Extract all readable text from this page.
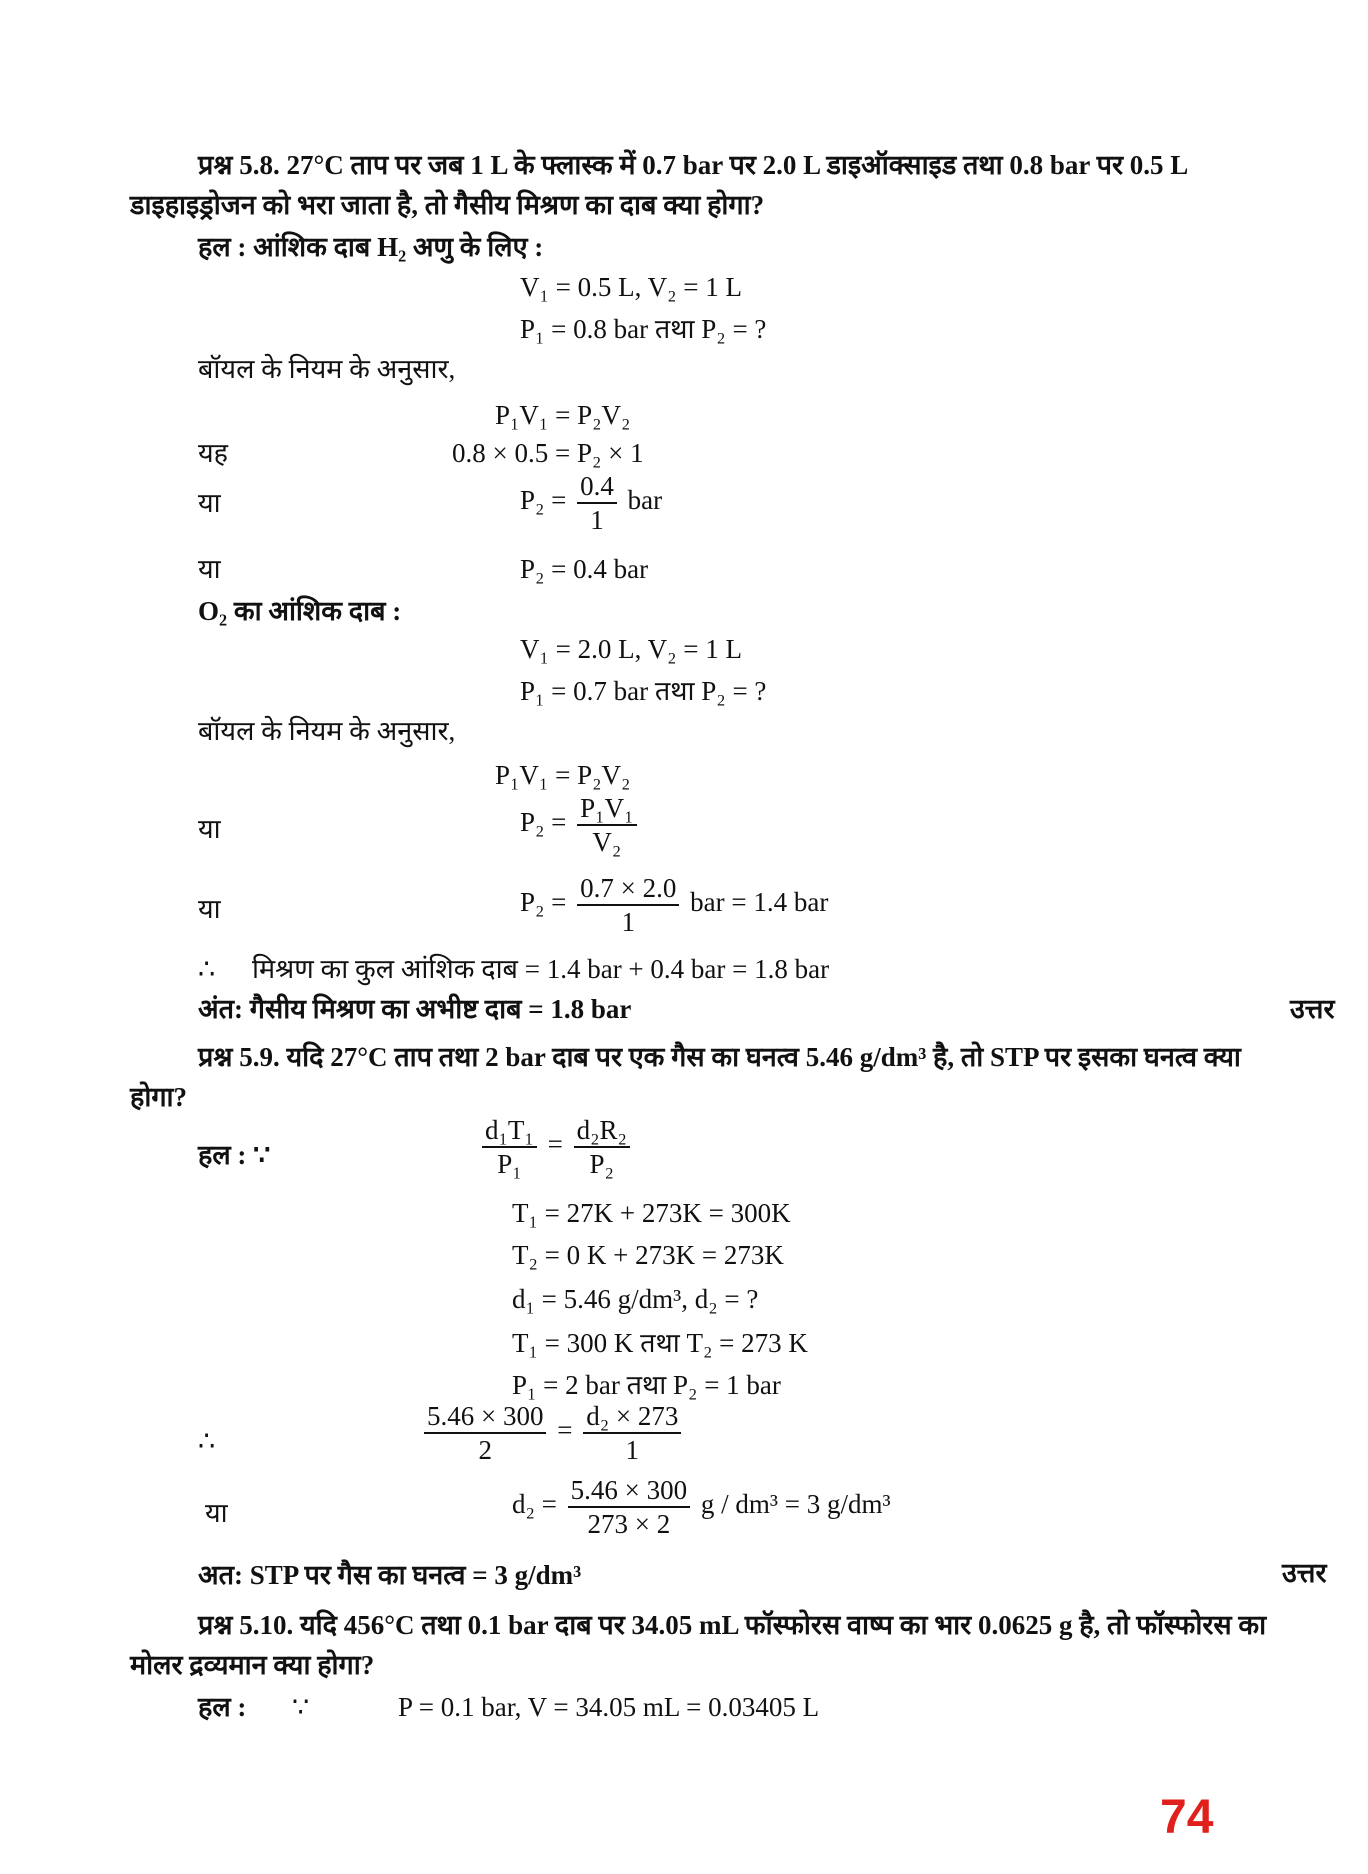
प्रश्न 5.8. 27°C ताप पर जब 1 L के फ्लास्क में 0.7 bar पर 2.0 L डाइऑक्साइड तथा 0.8 bar पर 0.5 L
डाइहाइड्रोजन को भरा जाता है, तो गैसीय मिश्रण का दाब क्या होगा?
हल : आंशिक दाब H₂ अणु के लिए :
V₁ = 0.5 L, V₂ = 1 L
P₁ = 0.8 bar तथा P₂ = ?
बॉयल के नियम के अनुसार,
P₁V₁ = P₂V₂
यह	0.8 × 0.5 = P₂ × 1
या	$P_2 = \frac{0.4}{1}$ bar
या	P₂ = 0.4 bar
O₂ का आंशिक दाब :
V₁ = 2.0 L, V₂ = 1 L
P₁ = 0.7 bar तथा P₂ = ?
बॉयल के नियम के अनुसार,
P₁V₁ = P₂V₂
या	$P_2 = \frac{\text{P₁V₁}}{\text{V₂}}$
या	$P_2 = \frac{0.7 \times 2.0}{1}$ bar = 1.4 bar
∴ मिश्रण का कुल आंशिक दाब = 1.4 bar + 0.4 bar = 1.8 bar
अंत: गैसीय मिश्रण का अभीष्ट दाब = 1.8 bar	उत्तर
प्रश्न 5.9. यदि 27°C ताप तथा 2 bar दाब पर एक गैस का घनत्व 5.46 g/dm³ है, तो STP पर इसका घनत्व क्या
होगा?
हल : ∵	$\frac{\text{d₁T₁}}{\text{P₁}} = \frac{\text{d₂R₂}}{\text{P₂}}$
T₁ = 27K + 273K = 300K
T₂ = 0 K + 273K = 273K
d₁ = 5.46 g/dm³, d₂ = ?
T₁ = 300 K तथा T₂ = 273 K
P₁ = 2 bar तथा P₂ = 1 bar
∴	$\frac{5.46 \times 300}{2} = \frac{\text{d₂ × 273}}{1}$
या	$d_2 = \frac{5.46 \times 300}{273 \times 2}$ g / dm³ = 3 g/dm³
अत: STP पर गैस का घनत्व = 3 g/dm³	उत्तर
प्रश्न 5.10. यदि 456°C तथा 0.1 bar दाब पर 34.05 mL फॉस्फोरस वाष्प का भार 0.0625 g है, तो फॉस्फोरस का
मोलर द्रव्यमान क्या होगा?
हल : ∵	P = 0.1 bar, V = 34.05 mL = 0.03405 L
74
